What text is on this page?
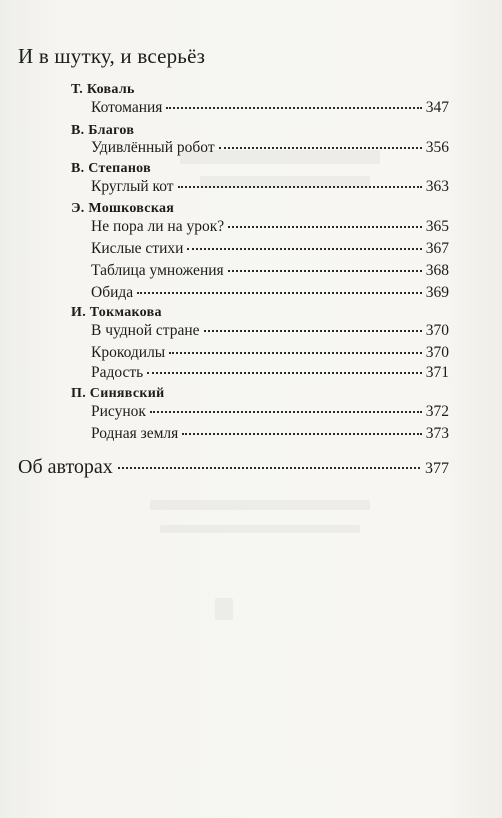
И в шутку, и всерьёз
Т. Коваль
Котомания	347
В. Благов
Удивлённый робот	356
В. Степанов
Круглый кот	363
Э. Мошковская
Не пора ли на урок?	365
Кислые стихи	367
Таблица умножения	368
Обида	369
И. Токмакова
В чудной стране	370
Крокодилы	370
Радость	371
П. Синявский
Рисунок	372
Родная земля	373
Об авторах	377
